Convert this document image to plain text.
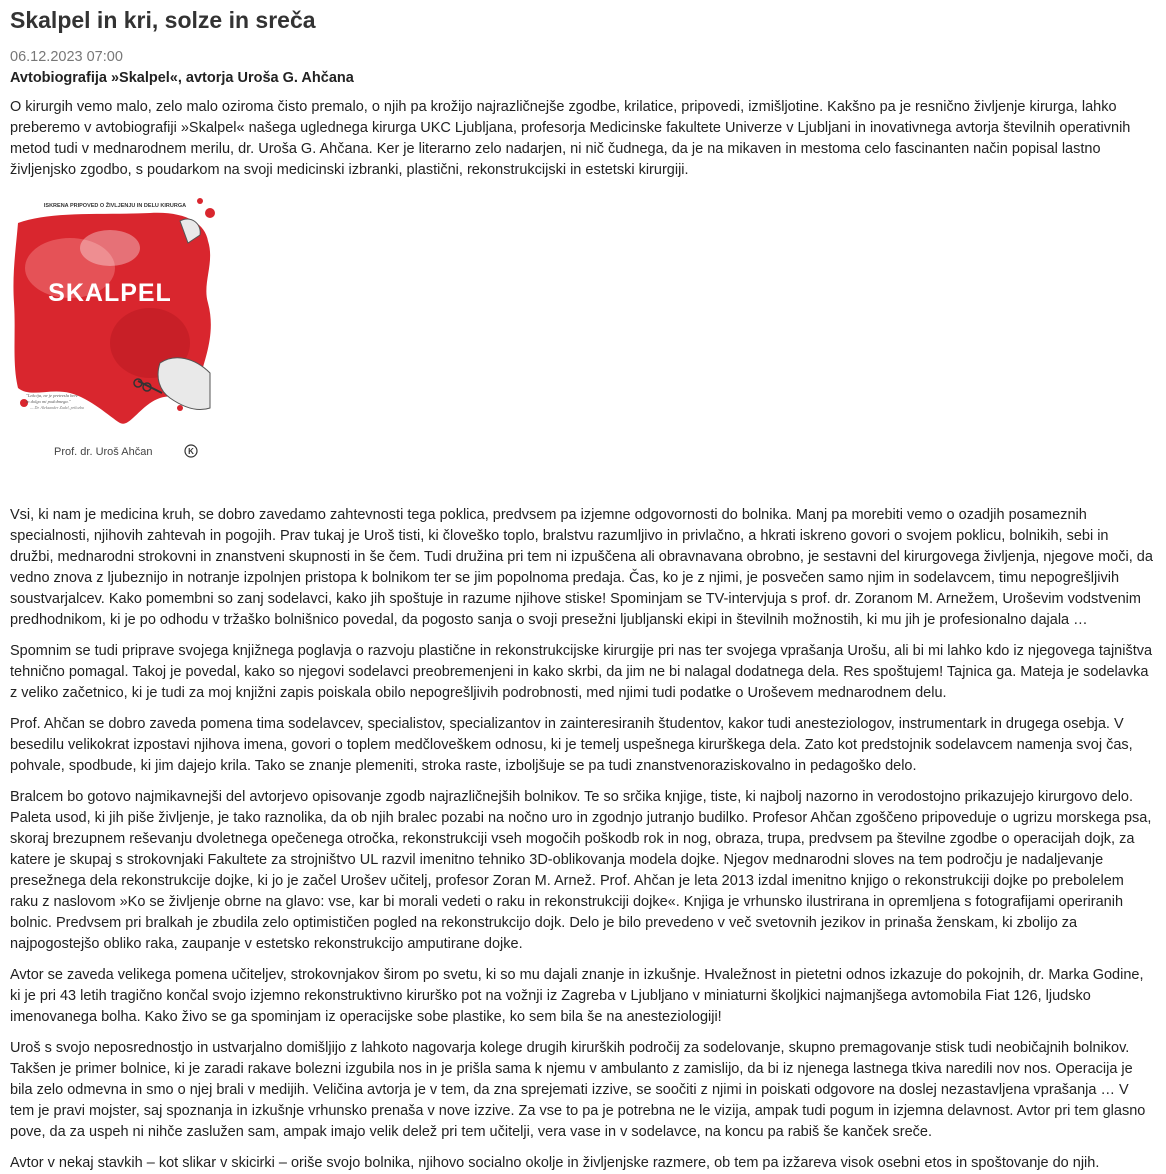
Skalpel in kri, solze in sreča
06.12.2023 07:00
Avtobiografija »Skalpel«, avtorja Uroša G. Ahčana

O kirurgih vemo malo, zelo malo oziroma čisto premalo, o njih pa krožijo najrazličnejše zgodbe, krilatice, pripovedi, izmišljotine. Kakšno pa je resnično življenje kirurga, lahko preberemo v avtobiografiji »Skalpel« našega uglednega kirurga UKC Ljubljana, profesorja Medicinske fakultete Univerze v Ljubljani in inovativnega avtorja številnih operativnih metod tudi v mednarodnem merilu, dr. Uroša G. Ahčana. Ker je literarno zelo nadarjen, ni nič čudnega, da je na mikaven in mestoma celo fascinanten način popisal lastno življenjsko zgodbo, s poudarkom na svoji medicinski izbranki, plastični, rekonstrukcijski in estetski kirurgiji.

ISKRENA PRIPOVED O ŽIVLJENJU IN DELU KIRURGA
SKALPEL
"Lekcija, ne je pretresla bere
in dolgo mi podobnega."
— Dr. Aleksander Zadel, prilozba
Prof. dr. Uroš Ahčan	K

Vsi, ki nam je medicina kruh, se dobro zavedamo zahtevnosti tega poklica, predvsem pa izjemne odgovornosti do bolnika. Manj pa morebiti vemo o ozadjih posameznih specialnosti, njihovih zahtevah in pogojih. Prav tukaj je Uroš tisti, ki človeško toplo, bralstvu razumljivo in privlačno, a hkrati iskreno govori o svojem poklicu, bolnikih, sebi in družbi, mednarodni strokovni in znanstveni skupnosti in še čem. Tudi družina pri tem ni izpuščena ali obravnavana obrobno, je sestavni del kirurgovega življenja, njegove moči, da vedno znova z ljubeznijo in notranje izpolnjen pristopa k bolnikom ter se jim popolnoma predaja. Čas, ko je z njimi, je posvečen samo njim in sodelavcem, timu nepogrešljivih soustvarjalcev. Kako pomembni so zanj sodelavci, kako jih spoštuje in razume njihove stiske! Spominjam se TV-intervjuja s prof. dr. Zoranom M. Arnežem, Uroševim vodstvenim predhodnikom, ki je po odhodu v tržaško bolnišnico povedal, da pogosto sanja o svoji presežni ljubljanski ekipi in številnih možnostih, ki mu jih je profesionalno dajala …

Spomnim se tudi priprave svojega knjižnega poglavja o razvoju plastične in rekonstrukcijske kirurgije pri nas ter svojega vprašanja Urošu, ali bi mi lahko kdo iz njegovega tajništva tehnično pomagal. Takoj je povedal, kako so njegovi sodelavci preobremenjeni in kako skrbi, da jim ne bi nalagal dodatnega dela. Res spoštujem! Tajnica ga. Mateja je sodelavka z veliko začetnico, ki je tudi za moj knjižni zapis poiskala obilo nepogrešljivih podrobnosti, med njimi tudi podatke o Uroševem mednarodnem delu.

Prof. Ahčan se dobro zaveda pomena tima sodelavcev, specialistov, specializantov in zainteresiranih študentov, kakor tudi anesteziologov, instrumentark in drugega osebja. V besedilu velikokrat izpostavi njihova imena, govori o toplem medčloveškem odnosu, ki je temelj uspešnega kirurškega dela. Zato kot predstojnik sodelavcem namenja svoj čas, pohvale, spodbude, ki jim dajejo krila. Tako se znanje plemeniti, stroka raste, izboljšuje se pa tudi znanstvenoraziskovalno in pedagoško delo.

Bralcem bo gotovo najmikavnejši del avtorjevo opisovanje zgodb najrazličnejših bolnikov. Te so srčika knjige, tiste, ki najbolj nazorno in verodostojno prikazujejo kirurgovo delo. Paleta usod, ki jih piše življenje, je tako raznolika, da ob njih bralec pozabi na nočno uro in zgodnjo jutranjo budilko. Profesor Ahčan zgoščeno pripoveduje o ugrizu morskega psa, skoraj brezupnem reševanju dvoletnega opečenega otročka, rekonstrukciji vseh mogočih poškodb rok in nog, obraza, trupa, predvsem pa številne zgodbe o operacijah dojk, za katere je skupaj s strokovnjaki Fakultete za strojništvo UL razvil imenitno tehniko 3D-oblikovanja modela dojke. Njegov mednarodni sloves na tem področju je nadaljevanje presežnega dela rekonstrukcije dojke, ki jo je začel Urošev učitelj, profesor Zoran M. Arnež. Prof. Ahčan je leta 2013 izdal imenitno knjigo o rekonstrukciji dojke po prebolelem raku z naslovom »Ko se življenje obrne na glavo: vse, kar bi morali vedeti o raku in rekonstrukciji dojke«. Knjiga je vrhunsko ilustrirana in opremljena s fotografijami operiranih bolnic. Predvsem pri bralkah je zbudila zelo optimističen pogled na rekonstrukcijo dojk. Delo je bilo prevedeno v več svetovnih jezikov in prinaša ženskam, ki zbolijo za najpogostejšo obliko raka, zaupanje v estetsko rekonstrukcijo amputirane dojke.

Avtor se zaveda velikega pomena učiteljev, strokovnjakov širom po svetu, ki so mu dajali znanje in izkušnje. Hvaležnost in pietetni odnos izkazuje do pokojnih, dr. Marka Godine, ki je pri 43 letih tragično končal svojo izjemno rekonstruktivno kirurško pot na vožnji iz Zagreba v Ljubljano v miniaturni školjkici najmanjšega avtomobila Fiat 126, ljudsko imenovanega bolha. Kako živo se ga spominjam iz operacijske sobe plastike, ko sem bila še na anesteziologiji!

Uroš s svojo neposrednostjo in ustvarjalno domišljijo z lahkoto nagovarja kolege drugih kirurških področij za sodelovanje, skupno premagovanje stisk tudi neobičajnih bolnikov. Takšen je primer bolnice, ki je zaradi rakave bolezni izgubila nos in je prišla sama k njemu v ambulanto z zamislijo, da bi iz njenega lastnega tkiva naredili nov nos. Operacija je bila zelo odmevna in smo o njej brali v medijih. Veličina avtorja je v tem, da zna sprejemati izzive, se soočiti z njimi in poiskati odgovore na doslej nezastavljena vprašanja … V tem je pravi mojster, saj spoznanja in izkušnje vrhunsko prenaša v nove izzive. Za vse to pa je potrebna ne le vizija, ampak tudi pogum in izjemna delavnost. Avtor pri tem glasno pove, da za uspeh ni nihče zaslužen sam, ampak imajo velik delež pri tem učitelji, vera vase in v sodelavce, na koncu pa rabiš še kanček sreče.

Avtor v nekaj stavkih – kot slikar v skicirki – oriše svojo bolnika, njihovo socialno okolje in življenjske razmere, ob tem pa izžareva visok osebni etos in spoštovanje do njih.
